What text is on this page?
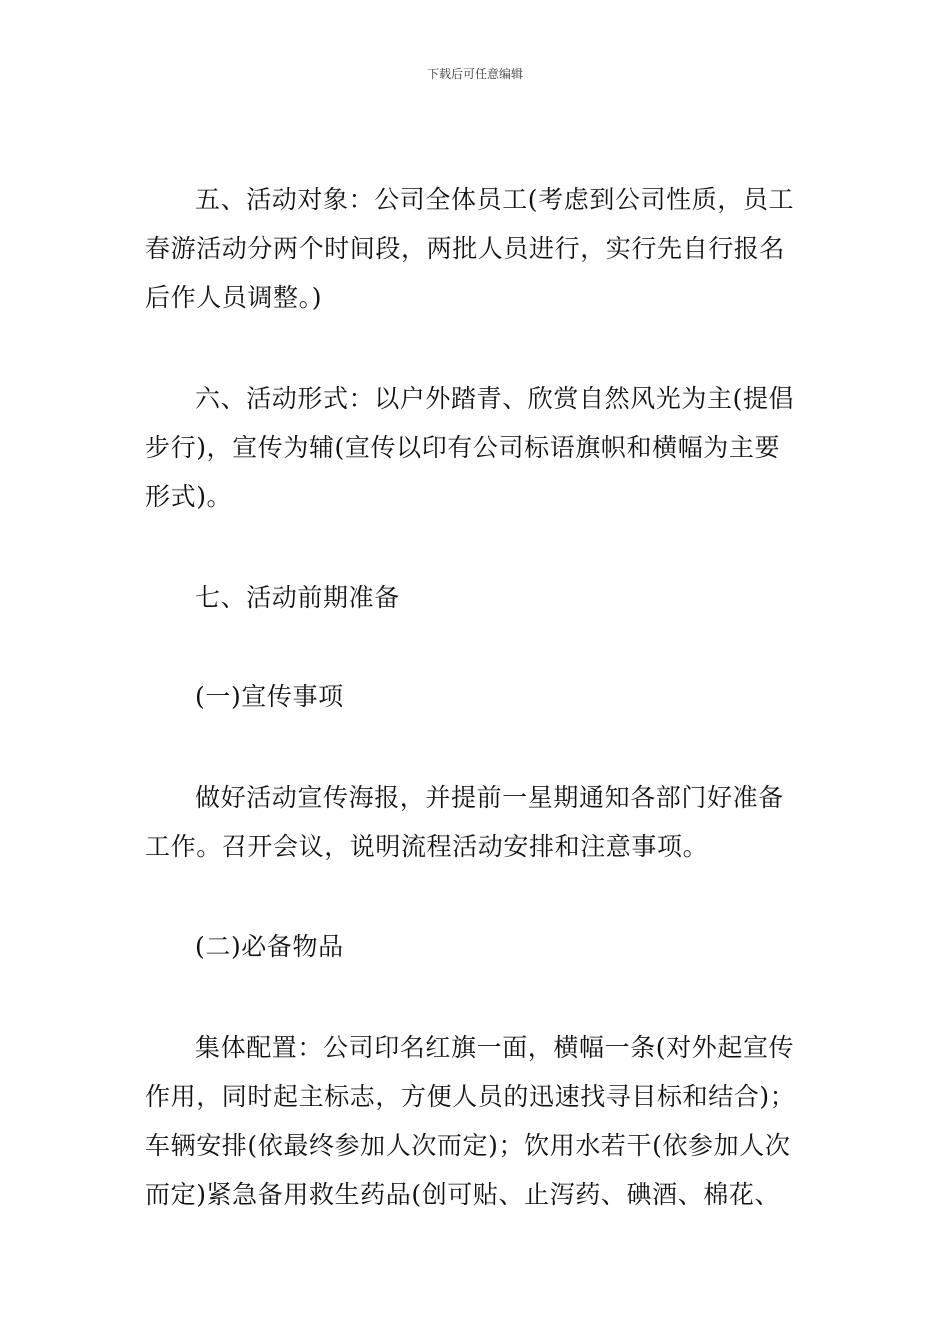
下载后可任意编辑
五、活动对象：公司全体员工(考虑到公司性质，员工
春游活动分两个时间段，两批人员进行，实行先自行报名
后作人员调整。)
六、活动形式：以户外踏青、欣赏自然风光为主(提倡
步行)，宣传为辅(宣传以印有公司标语旗帜和横幅为主要
形式)。
七、活动前期准备
(一)宣传事项
做好活动宣传海报，并提前一星期通知各部门好准备
工作。召开会议，说明流程活动安排和注意事项。
(二)必备物品
集体配置：公司印名红旗一面，横幅一条(对外起宣传
作用，同时起主标志，方便人员的迅速找寻目标和结合)；
车辆安排(依最终参加人次而定)；饮用水若干(依参加人次
而定)紧急备用救生药品(创可贴、止泻药、碘酒、棉花、
